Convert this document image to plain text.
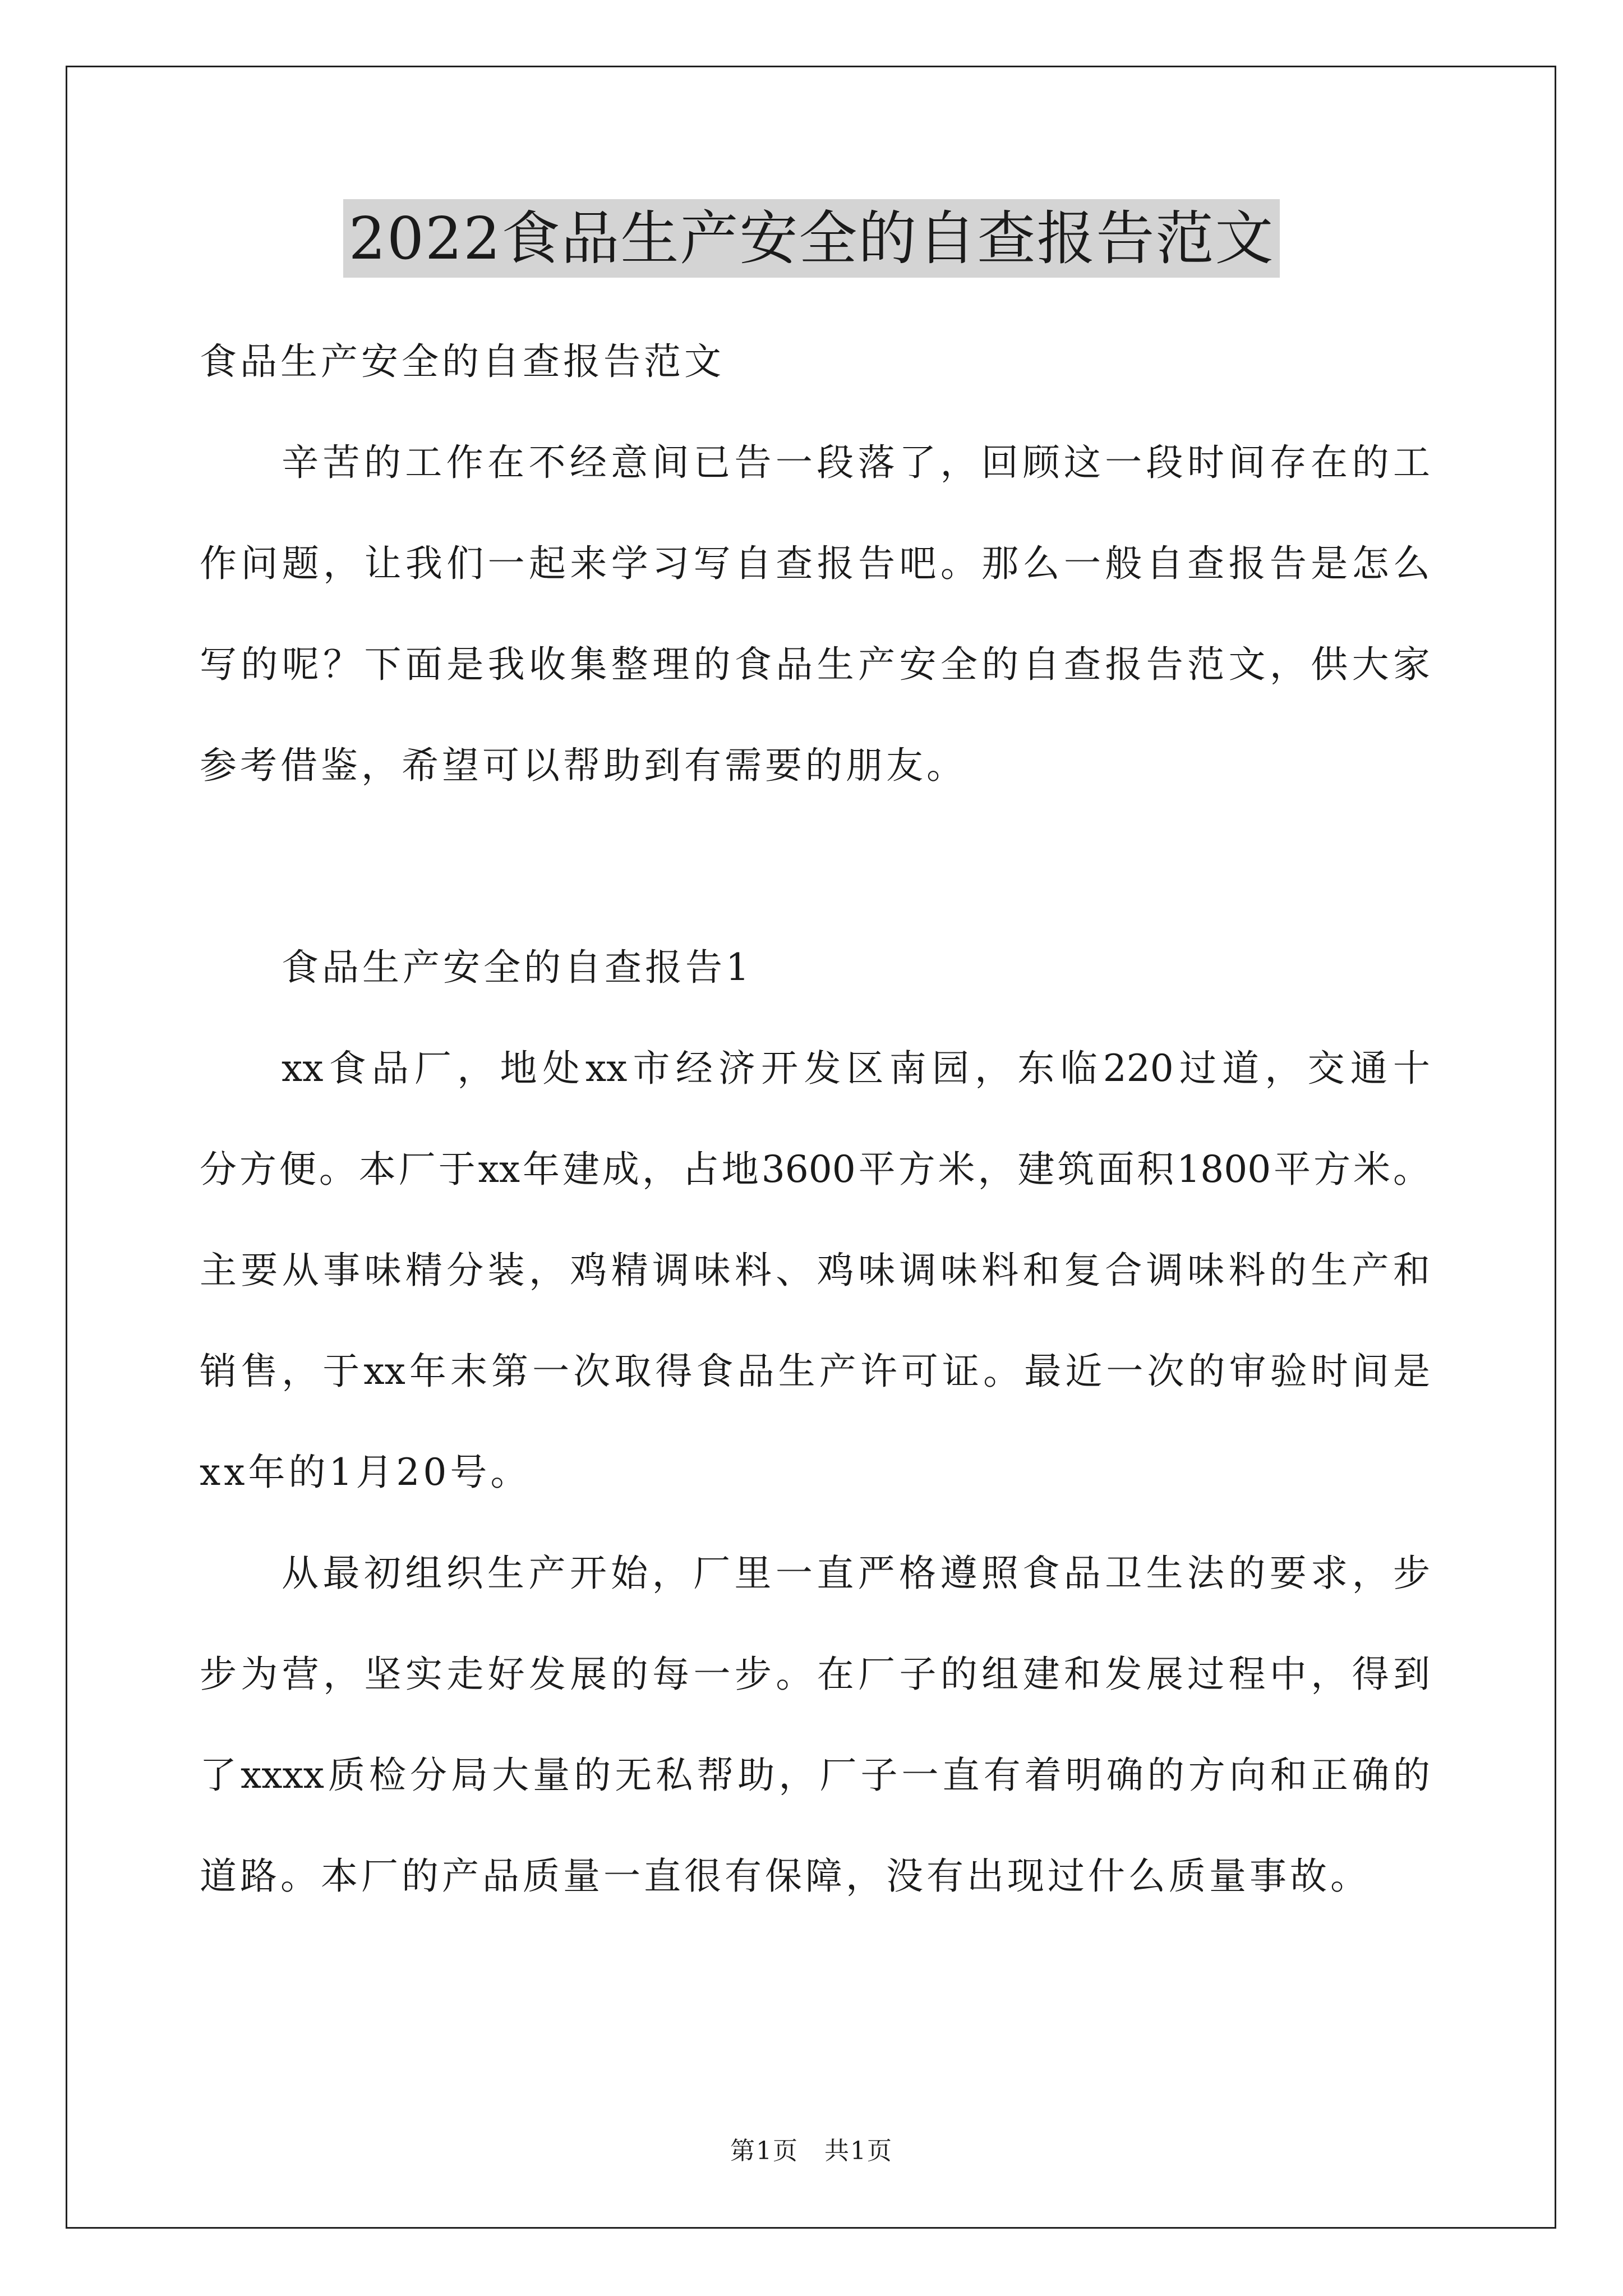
2022食品生产安全的自查报告范文
食品生产安全的自查报告范文
辛苦的工作在不经意间已告一段落了，回顾这一段时间存在的工
作问题，让我们一起来学习写自查报告吧。那么一般自查报告是怎么
写的呢？下面是我收集整理的食品生产安全的自查报告范文，供大家
参考借鉴，希望可以帮助到有需要的朋友。
食品生产安全的自查报告1
xx食品厂，地处xx市经济开发区南园，东临220过道，交通十
分方便。本厂于xx年建成，占地3600平方米，建筑面积1800平方米。
主要从事味精分装，鸡精调味料、鸡味调味料和复合调味料的生产和
销售，于xx年末第一次取得食品生产许可证。最近一次的审验时间是
xx年的1月20号。
从最初组织生产开始，厂里一直严格遵照食品卫生法的要求，步
步为营，坚实走好发展的每一步。在厂子的组建和发展过程中，得到
了xxxx质检分局大量的无私帮助，厂子一直有着明确的方向和正确的
道路。本厂的产品质量一直很有保障，没有出现过什么质量事故。
第1页　共1页
